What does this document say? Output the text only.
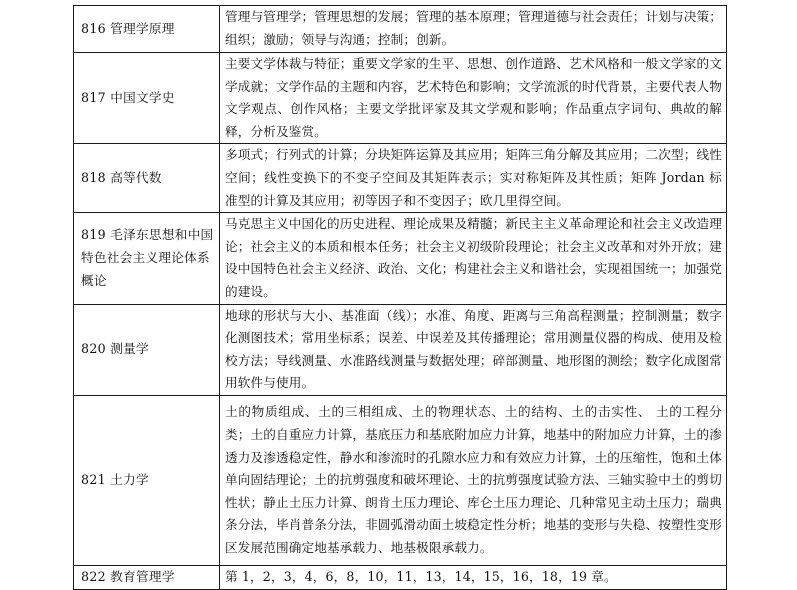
816 管理学原理	管理与管理学；管理思想的发展；管理的基本原理；管理道德与社会责任；计划与决策；组织；激励；领导与沟通；控制；创新。

817 中国文学史	主要文学体裁与特征；重要文学家的生平、思想、创作道路、艺术风格和一般文学家的文学成就；文学作品的主题和内容，艺术特色和影响；文学流派的时代背景，主要代表人物文学观点、创作风格；主要文学批评家及其文学观和影响；作品重点字词句、典故的解释，分析及鉴赏。

818 高等代数	多项式；行列式的计算；分块矩阵运算及其应用；矩阵三角分解及其应用；二次型；线性空间；线性变换下的不变子空间及其矩阵表示；实对称矩阵及其性质；矩阵 Jordan 标准型的计算及其应用；初等因子和不变因子；欧几里得空间。

819 毛泽东思想和中国特色社会主义理论体系概论	马克思主义中国化的历史进程、理论成果及精髓；新民主主义革命理论和社会主义改造理论；社会主义的本质和根本任务；社会主义初级阶段理论；社会主义改革和对外开放；建设中国特色社会主义经济、政治、文化；构建社会主义和谐社会，实现祖国统一；加强党的建设。

820 测量学	地球的形状与大小、基准面（线）；水准、角度、距离与三角高程测量；控制测量；数字化测图技术；常用坐标系；误差、中误差及其传播理论；常用测量仪器的构成、使用及检校方法；导线测量、水准路线测量与数据处理；碎部测量、地形图的测绘；数字化成图常用软件与使用。

821 土力学	土的物质组成、土的三相组成、土的物理状态、土的结构、土的击实性、 土的工程分类；土的自重应力计算，基底压力和基底附加应力计算，地基中的附加应力计算，土的渗透力及渗透稳定性，静水和渗流时的孔隙水应力和有效应力计算，土的压缩性，饱和土体单向固结理论；土的抗剪强度和破坏理论、土的抗剪强度试验方法、三轴实验中土的剪切性状；静止土压力计算、朗肯土压力理论、库仑土压力理论、几种常见主动土压力；瑞典条分法，毕肖普条分法，非圆弧滑动面土坡稳定性分析；地基的变形与失稳、按塑性变形区发展范围确定地基承载力、地基极限承载力。

822 教育管理学	第 1，2，3，4，6，8，10，11，13，14，15，16，18，19 章。
